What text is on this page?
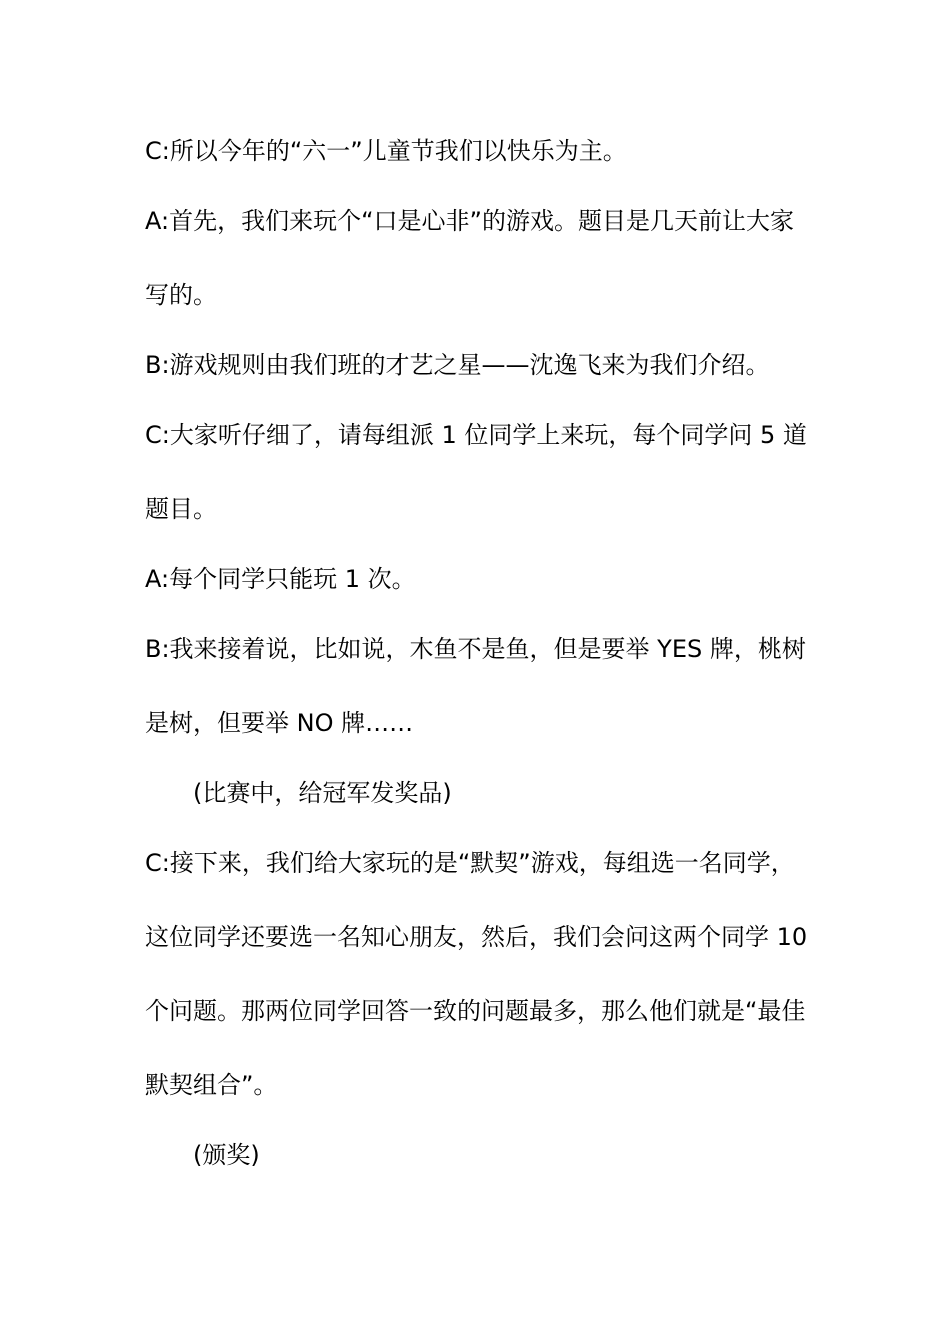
C:所以今年的“六一”儿童节我们以快乐为主。

A:首先，我们来玩个“口是心非”的游戏。题目是几天前让大家写的。

B:游戏规则由我们班的才艺之星——沈逸飞来为我们介绍。

C:大家听仔细了，请每组派 1 位同学上来玩，每个同学问 5 道题目。

A:每个同学只能玩 1 次。

B:我来接着说，比如说，木鱼不是鱼，但是要举 YES 牌，桃树是树，但要举 NO 牌……

(比赛中，给冠军发奖品)

C:接下来，我们给大家玩的是“默契”游戏，每组选一名同学，这位同学还要选一名知心朋友，然后，我们会问这两个同学 10 个问题。那两位同学回答一致的问题最多，那么他们就是“最佳默契组合”。

(颁奖)
